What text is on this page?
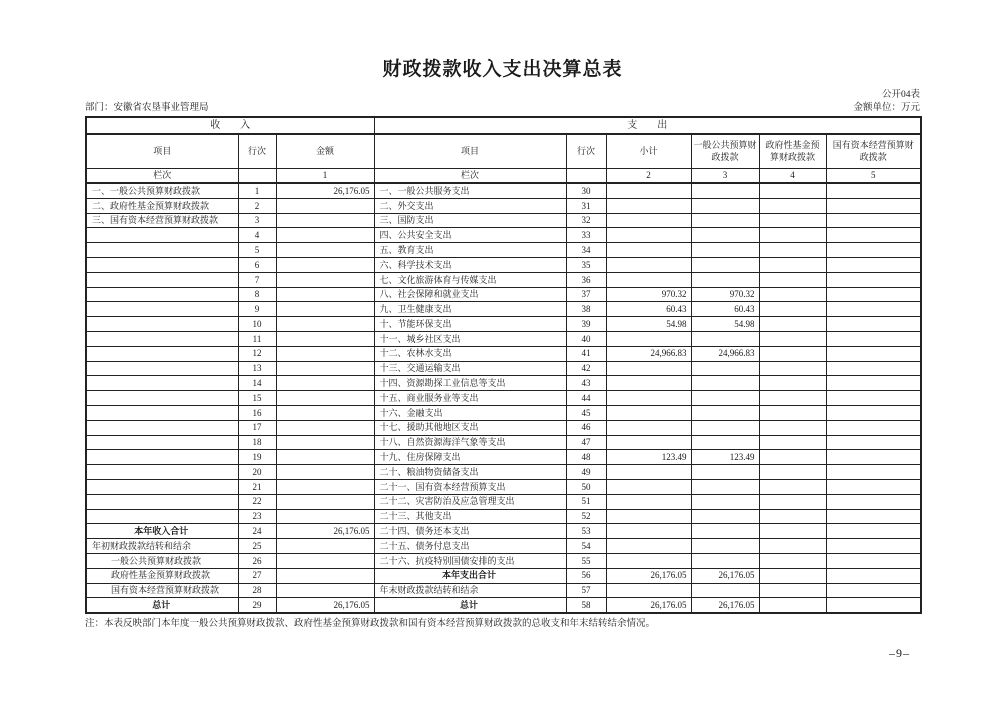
财政拨款收入支出决算总表
公开04表
部门：安徽省农垦事业管理局	金额单位：万元
收　　入			支　　出					
项目	行次	金额	项目	行次	小计	一般公共预算财政拨款	政府性基金预算财政拨款	国有资本经营预算财政拨款
栏次		1	栏次		2	3	4	5
一、一般公共预算财政拨款	1	26,176.05	一、一般公共服务支出	30				
二、政府性基金预算财政拨款	2		二、外交支出	31				
三、国有资本经营预算财政拨款	3		三、国防支出	32				
	4		四、公共安全支出	33				
	5		五、教育支出	34				
	6		六、科学技术支出	35				
	7		七、文化旅游体育与传媒支出	36				
	8		八、社会保障和就业支出	37	970.32	970.32		
	9		九、卫生健康支出	38	60.43	60.43		
	10		十、节能环保支出	39	54.98	54.98		
	11		十一、城乡社区支出	40				
	12		十二、农林水支出	41	24,966.83	24,966.83		
	13		十三、交通运输支出	42				
	14		十四、资源勘探工业信息等支出	43				
	15		十五、商业服务业等支出	44				
	16		十六、金融支出	45				
	17		十七、援助其他地区支出	46				
	18		十八、自然资源海洋气象等支出	47				
	19		十九、住房保障支出	48	123.49	123.49		
	20		二十、粮油物资储备支出	49				
	21		二十一、国有资本经营预算支出	50				
	22		二十二、灾害防治及应急管理支出	51				
	23		二十三、其他支出	52				
本年收入合计	24	26,176.05	二十四、债务还本支出	53				
年初财政拨款结转和结余	25		二十五、债务付息支出	54				
一般公共预算财政拨款	26		二十六、抗疫特别国债安排的支出	55				
政府性基金预算财政拨款	27		本年支出合计	56	26,176.05	26,176.05		
国有资本经营预算财政拨款	28		年末财政拨款结转和结余	57				
总计	29	26,176.05	总计	58	26,176.05	26,176.05		
注：本表反映部门本年度一般公共预算财政拨款、政府性基金预算财政拨款和国有资本经营预算财政拨款的总收支和年末结转结余情况。
–9–
